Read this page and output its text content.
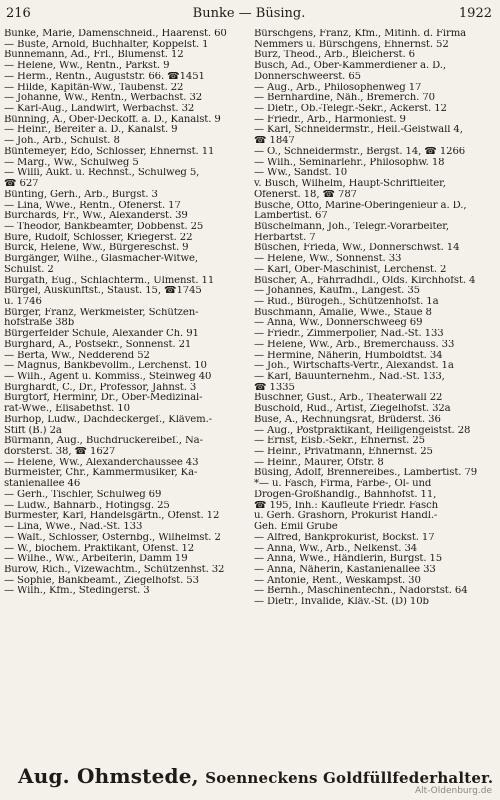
216	Bunke — Büsing.	1922
Bunke, Marie, Damenschneid., Haarenst. 60
— Buste, Arnold, Buchhalter, Koppelst. 1
Bunnemann, Ad., Frl., Blumenst. 12
— Helene, Ww., Rentn., Parkst. 9
— Herm., Rentn., Auguststr. 66. ☎1451
— Hilde, Kapitän-Ww., Taubenst. 22
— Johanne, Ww., Rentn., Werbachst. 32
— Karl-Aug., Landwirt, Werbachst. 32
Bünning, A., Ober-Deckoff. a. D., Kanalst. 9
— Heinr., Bereiter a. D., Kanalst. 9
— Joh., Arb., Schulst. 8
Büntemeyer, Edo, Schlosser, Ehnernst. 11
— Marg., Ww., Schulweg 5
— Willi, Aukt. u. Rechnst., Schulweg 5,
☎ 627
Bünting, Gerh., Arb., Burgst. 3
— Lina, Wwe., Rentn., Ofenerst. 17
Burchards, Fr., Ww., Alexanderst. 39
— Theodor, Bankbeamter, Dobbenst. 25
Bure, Rudolf, Schlosser, Kriegerst. 22
Burck, Helene, Ww., Bürgereschst. 9
Burgänger, Wilhe., Glasmacher-Witwe,
Schulst. 2
Burgath, Eug., Schlachterm., Ulmenst. 11
Bürgel, Auskunftst., Staust. 15, ☎1745
u. 1746
Bürger, Franz, Werkmeister, Schützen-
hofstraße 38b
Bürgerfelder Schule, Alexander Ch. 91
Burghard, A., Postsekr., Sonnenst. 21
— Berta, Ww., Nedderend 52
— Magnus, Bankbevollm., Lerchenst. 10
— Wilh., Agent u. Kommiss., Steinweg 40
Burghardt, C., Dr., Professor, Jahnst. 3
Burgtorf, Herminr, Dr., Ober-Medizinal-
rat-Wwe., Elisabethst. 10
Burhop, Ludw., Dachdeckergeſ., Klävem.-
Stift (B.) 2a
Bürmann, Aug., Buchdruckereibeſ., Na-
dorsterst. 38, ☎ 1627
— Helene, Ww., Alexanderchaussee 43
Burmeister, Chr., Kammermusiker, Ka-
stanienallee 46
— Gerh., Tischler, Schulweg 69
— Ludw., Bahnarb., Hotingsg. 25
Burmester, Karl, Handelsgärtn., Ofenst. 12
— Lina, Wwe., Nad.-St. 133
— Walt., Schlosser, Osternbg., Wilhelmst. 2
— W., biochem. Praktikant, Ofenst. 12
— Wilhe., Ww., Arbeiterin, Damm 19
Burow, Rich., Vizewachtm., Schützenhst. 32
— Sophie, Bankbeamt., Ziegelhofst. 53
— Wilh., Kfm., Stedingerst. 3
Bürschgens, Franz, Kfm., Mitinh. d. Firma
Nemmers u. Bürschgens, Ehnernst. 52
Burz, Theod., Arb., Bleicherst. 6
Busch, Ad., Ober-Kammerdiener a. D.,
Donnerschweerst. 65
— Aug., Arb., Philosophenweg 17
— Bernhardine, Näh., Bremerch. 70
— Dietr., Ob.-Telegr.-Sekr., Ackerst. 12
— Friedr., Arb., Harmoniest. 9
— Karl, Schneidermstr., Heil.-Geistwall 4,
☎ 1847
— O., Schneidermstr., Bergst. 14, ☎ 1266
— Wilh., Seminarlehr., Philosophw. 18
— Ww., Sandst. 10
v. Busch, Wilhelm, Haupt-Schriftleiter,
Ofenerst. 18, ☎ 787
Busche, Otto, Marine-Oberingenieur a. D.,
Lambertist. 67
Büschelmann, Joh., Telegr.-Vorarbeiter,
Herbartst. 7
Büschen, Frieda, Ww., Donnerschwst. 14
— Helene, Ww., Sonnenst. 33
— Karl, Ober-Maschinist, Lerchenst. 2
Büscher, A., Fahrradhdl., Olds. Kirchhofst. 4
— Johannes, Kaufm., Langest. 35
— Rud., Bürogeh., Schützenhofst. 1a
Buschmann, Amalie, Wwe., Staue 8
— Anna, Ww., Donnerschweeg 69
— Friedr., Zimmerpolier, Nad.-St. 133
— Helene, Ww., Arb., Bremerchauss. 33
— Hermine, Näherin, Humboldtst. 34
— Joh., Wirtschafts-Vertr., Alexandst. 1a
— Karl, Bauunternehm., Nad.-St. 133,
☎ 1335
Buschner, Gust., Arb., Theaterwall 22
Buschold, Rud., Artist, Ziegelhofst. 32a
Buse, A., Rechnungsrat, Brüderst. 36
— Aug., Postpraktikant, Heiligengeistst. 28
— Ernst, Eisb.-Sekr., Ehnernst. 25
— Heinr., Privatmann, Ehnernst. 25
— Heinr., Maurer, Ofstr. 8
Büsing, Adolf, Brennereibes., Lambertist. 79
*— u. Fasch, Firma, Farbe-, Öl- und
Drogen-Großhandlg., Bahnhofst. 11,
☎ 195, Inh.: Kaufleute Friedr. Fasch
u. Gerh. Grashorn, Prokurist Handl.-
Geh. Emil Grube
— Alfred, Bankprokurist, Bockst. 17
— Anna, Ww., Arb., Nelkenst. 34
— Anna, Wwe., Händlerin, Burgst. 15
— Anna, Näherin, Kastanienallee 33
— Antonie, Rent., Weskampst. 30
— Bernh., Maschinentechn., Nadorstst. 64
— Dietr., Invalide, Kläv.-St. (D) 10b
Aug. Ohmstede, Soenneckens Goldfüllfederhalter.
Alt-Oldenburg.de
